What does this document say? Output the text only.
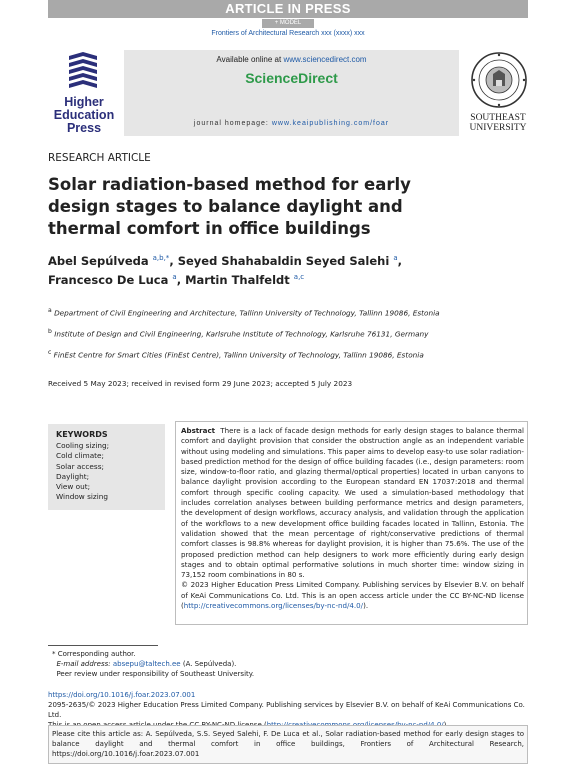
ARTICLE IN PRESS
+ MODEL
Frontiers of Architectural Research xxx (xxxx) xxx
Higher
Education
Press
Available online at www.sciencedirect.com
ScienceDirect
journal homepage: www.keaipublishing.com/foar
SOUTHEAST
UNIVERSITY
RESEARCH ARTICLE
Solar radiation-based method for early design stages to balance daylight and thermal comfort in office buildings
Abel Sepúlveda $^{a,b,*}$, Seyed Shahabaldin Seyed Salehi $^a$,
Francesco De Luca $^a$, Martin Thalfeldt $^{a,c}$
$^a$ Department of Civil Engineering and Architecture, Tallinn University of Technology, Tallinn 19086, Estonia
$^b$ Institute of Design and Civil Engineering, Karlsruhe Institute of Technology, Karlsruhe 76131, Germany
$^c$ FinEst Centre for Smart Cities (FinEst Centre), Tallinn University of Technology, Tallinn 19086, Estonia
Received 5 May 2023; received in revised form 29 June 2023; accepted 5 July 2023
KEYWORDS
Cooling sizing;
Cold climate;
Solar access;
Daylight;
View out;
Window sizing
Abstract There is a lack of facade design methods for early design stages to balance thermal comfort and daylight provision that consider the obstruction angle as an independent variable without using modeling and simulations. This paper aims to develop easy-to use solar radiation-based prediction method for the design of office building facades (i.e., design parameters: room size, window-to-floor ratio, and glazing thermal/optical properties) located in urban canyons to balance daylight provision according to the European standard EN 17037:2018 and thermal comfort through specific cooling capacity. We used a simulation-based methodology that includes correlation analyses between building performance metrics and design parameters, the development of design workflows, accuracy analysis, and validation through the application of the workflows to a new development office building facades located in Tallinn, Estonia. The validation showed that the mean percentage of right/conservative predictions of thermal comfort classes is 98.8% whereas for daylight provision, it is higher than 75.6%. The use of the proposed prediction method can help designers to work more efficiently during early design stages and to obtain optimal performative solutions in much shorter time: window sizing in 73,152 room combinations in 80 s.
© 2023 Higher Education Press Limited Company. Publishing services by Elsevier B.V. on behalf of KeAi Communications Co. Ltd. This is an open access article under the CC BY-NC-ND license (http://creativecommons.org/licenses/by-nc-nd/4.0/).
* Corresponding author.
E-mail address: absepu@taltech.ee (A. Sepúlveda).
Peer review under responsibility of Southeast University.
https://doi.org/10.1016/j.foar.2023.07.001
2095-2635/© 2023 Higher Education Press Limited Company. Publishing services by Elsevier B.V. on behalf of KeAi Communications Co. Ltd.
Please cite this article as: A. Sepúlveda, S.S. Seyed Salehi, F. De Luca et al., Solar radiation-based method for early design stages to balance daylight and thermal comfort in office buildings, Frontiers of Architectural Research, https://doi.org/10.1016/j.foar.2023.07.001
